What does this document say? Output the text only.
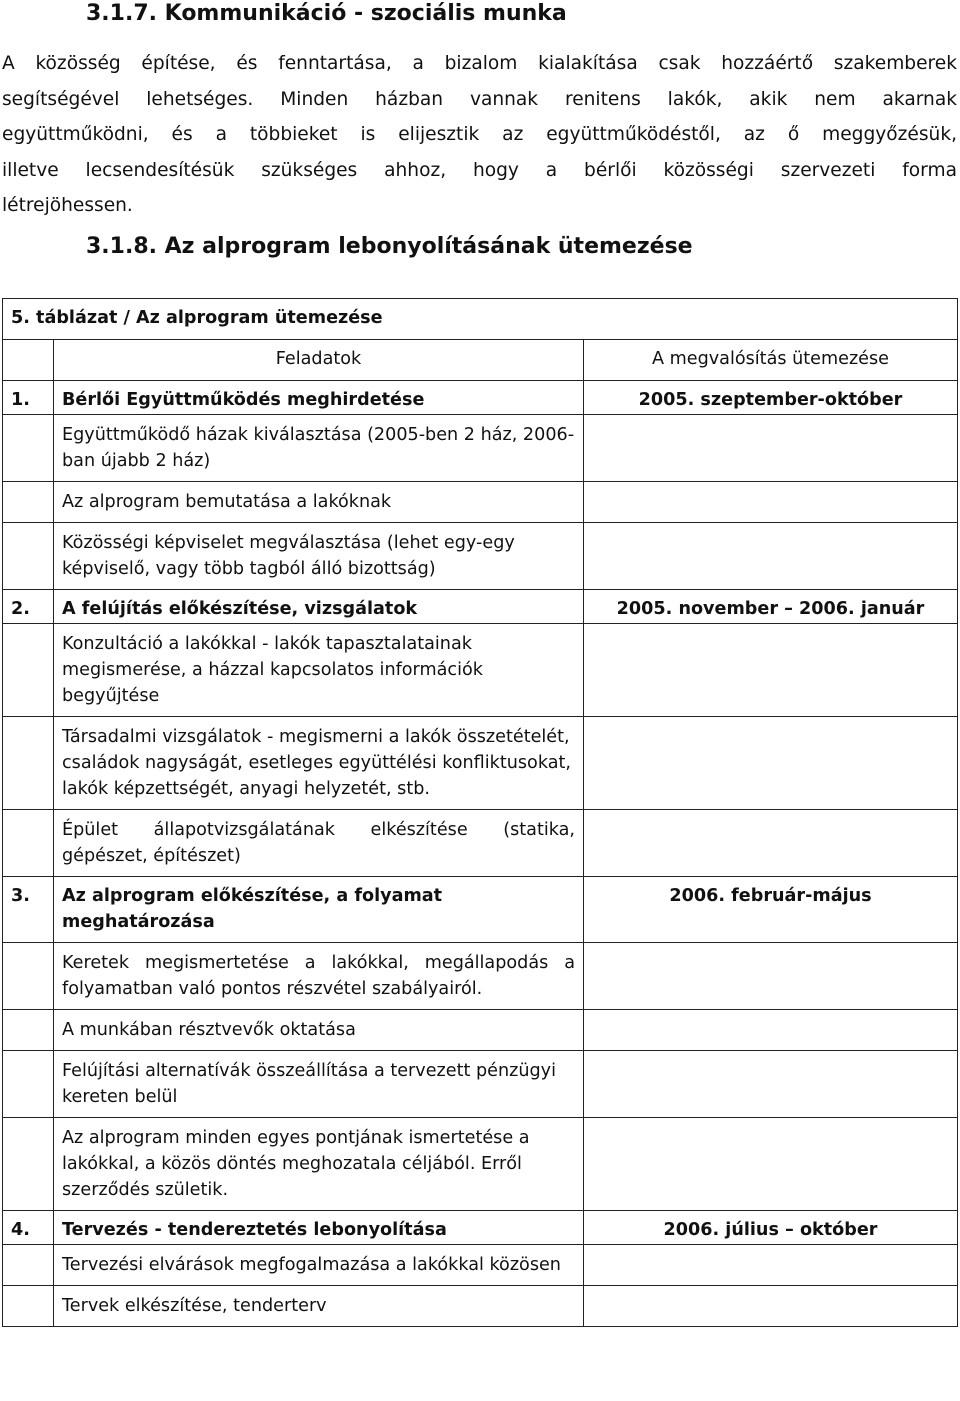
3.1.7. Kommunikáció - szociális munka
A közösség építése, és fenntartása, a bizalom kialakítása csak hozzáértő szakemberek
segítségével lehetséges. Minden házban vannak renitens lakók, akik nem akarnak
együttműködni, és a többieket is elijesztik az együttműködéstől, az ő meggyőzésük,
illetve lecsendesítésük szükséges ahhoz, hogy a bérlői közösségi szervezeti forma
létrejöhessen.
3.1.8. Az alprogram lebonyolításának ütemezése
5. táblázat / Az alprogram ütemezése		
	Feladatok	A megvalósítás ütemezése
1.	Bérlői Együttműködés meghirdetése	2005. szeptember-október
	Együttműködő házak kiválasztása (2005-ben 2 ház, 2006-ban újabb 2 ház)	
	Az alprogram bemutatása a lakóknak	
	Közösségi képviselet megválasztása (lehet egy-egy képviselő, vagy több tagból álló bizottság)	
2.	A felújítás előkészítése, vizsgálatok	2005. november – 2006. január
	Konzultáció a lakókkal - lakók tapasztalatainak megismerése, a házzal kapcsolatos információk begyűjtése	
	Társadalmi vizsgálatok - megismerni a lakók összetételét, családok nagyságát, esetleges együttélési konfliktusokat, lakók képzettségét, anyagi helyzetét, stb.	
	Épület állapotvizsgálatának elkészítése (statika, gépészet, építészet)	
3.	Az alprogram előkészítése, a folyamat meghatározása	2006. február-május
	Keretek megismertetése a lakókkal, megállapodás a folyamatban való pontos részvétel szabályairól.	
	A munkában résztvevők oktatása	
	Felújítási alternatívák összeállítása a tervezett pénzügyi kereten belül	
	Az alprogram minden egyes pontjának ismertetése a lakókkal, a közös döntés meghozatala céljából. Erről szerződés születik.	
4.	Tervezés - tendereztetés lebonyolítása	2006. július – október
	Tervezési elvárások megfogalmazása a lakókkal közösen	
	Tervek elkészítése, tenderterv	
